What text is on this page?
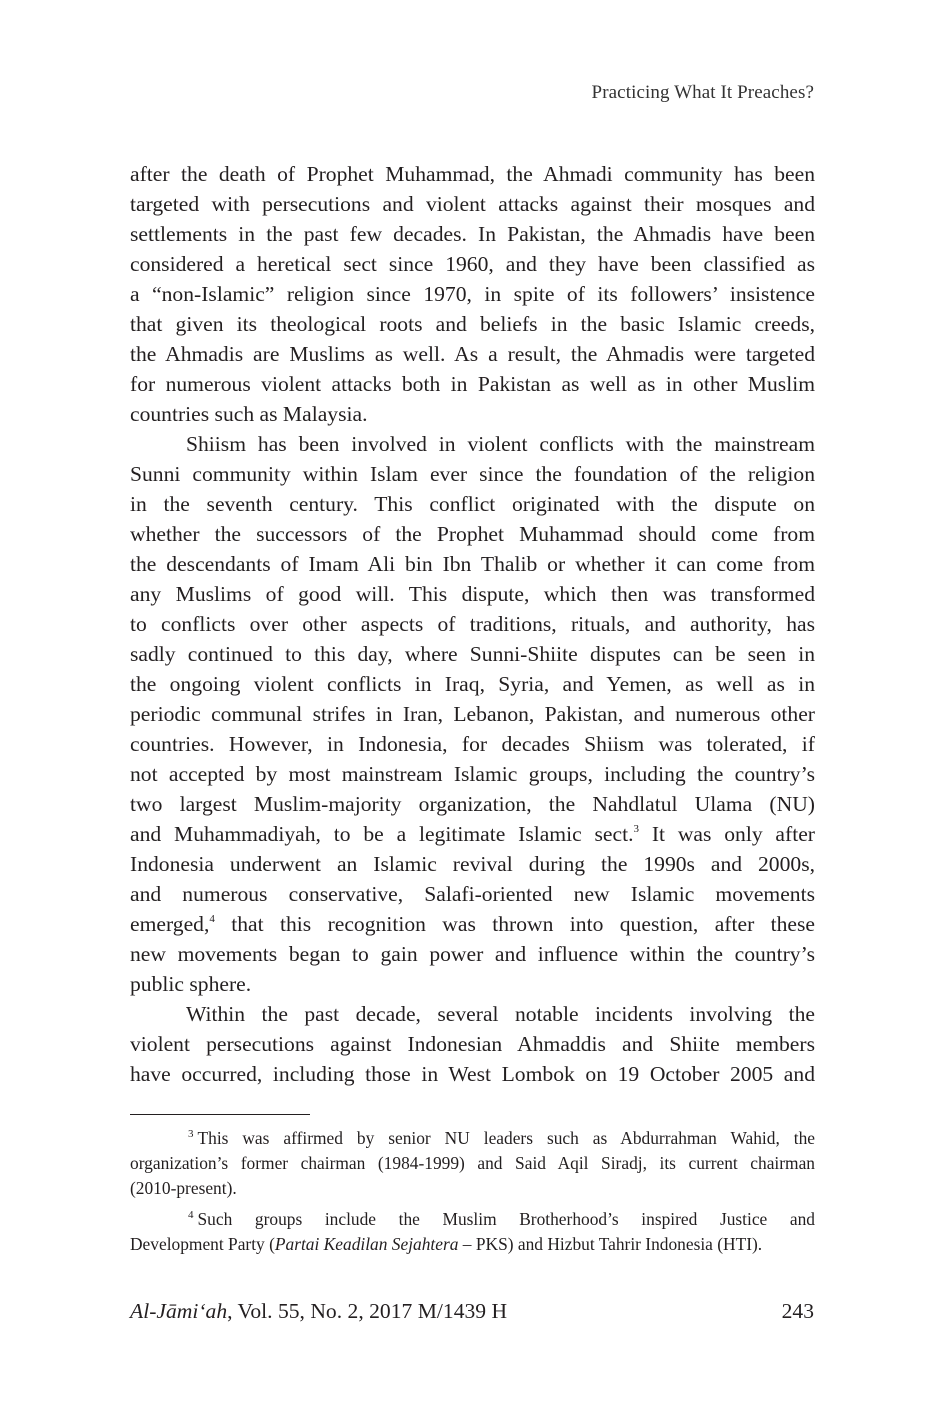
Practicing What It Preaches?
after the death of Prophet Muhammad, the Ahmadi community has been
targeted with persecutions and violent attacks against their mosques and
settlements in the past few decades. In Pakistan, the Ahmadis have been
considered a heretical sect since 1960, and they have been classified as
a “non-Islamic” religion since 1970, in spite of its followers’ insistence
that given its theological roots and beliefs in the basic Islamic creeds,
the Ahmadis are Muslims as well. As a result, the Ahmadis were targeted
for numerous violent attacks both in Pakistan as well as in other Muslim
countries such as Malaysia.
Shiism has been involved in violent conflicts with the mainstream
Sunni community within Islam ever since the foundation of the religion
in the seventh century. This conflict originated with the dispute on
whether the successors of the Prophet Muhammad should come from
the descendants of Imam Ali bin Ibn Thalib or whether it can come from
any Muslims of good will. This dispute, which then was transformed
to conflicts over other aspects of traditions, rituals, and authority, has
sadly continued to this day, where Sunni-Shiite disputes can be seen in
the ongoing violent conflicts in Iraq, Syria, and Yemen, as well as in
periodic communal strifes in Iran, Lebanon, Pakistan, and numerous other
countries. However, in Indonesia, for decades Shiism was tolerated, if
not accepted by most mainstream Islamic groups, including the country’s
two largest Muslim-majority organization, the Nahdlatul Ulama (NU)
and Muhammadiyah, to be a legitimate Islamic sect.$^3$ It was only after
Indonesia underwent an Islamic revival during the 1990s and 2000s,
and numerous conservative, Salafi-oriented new Islamic movements
emerged,$^4$ that this recognition was thrown into question, after these
new movements began to gain power and influence within the country’s
public sphere.
Within the past decade, several notable incidents involving the
violent persecutions against Indonesian Ahmaddis and Shiite members
have occurred, including those in West Lombok on 19 October 2005 and
$^3$ This was affirmed by senior NU leaders such as Abdurrahman Wahid, the
organization’s former chairman (1984-1999) and Said Aqil Siradj, its current chairman
(2010-present).
$^4$ Such groups include the Muslim Brotherhood’s inspired Justice and
Development Party (Partai Keadilan Sejahtera – PKS) and Hizbut Tahrir Indonesia (HTI).
Al-Jāmi‘ah, Vol. 55, No. 2, 2017 M/1439 H	243
